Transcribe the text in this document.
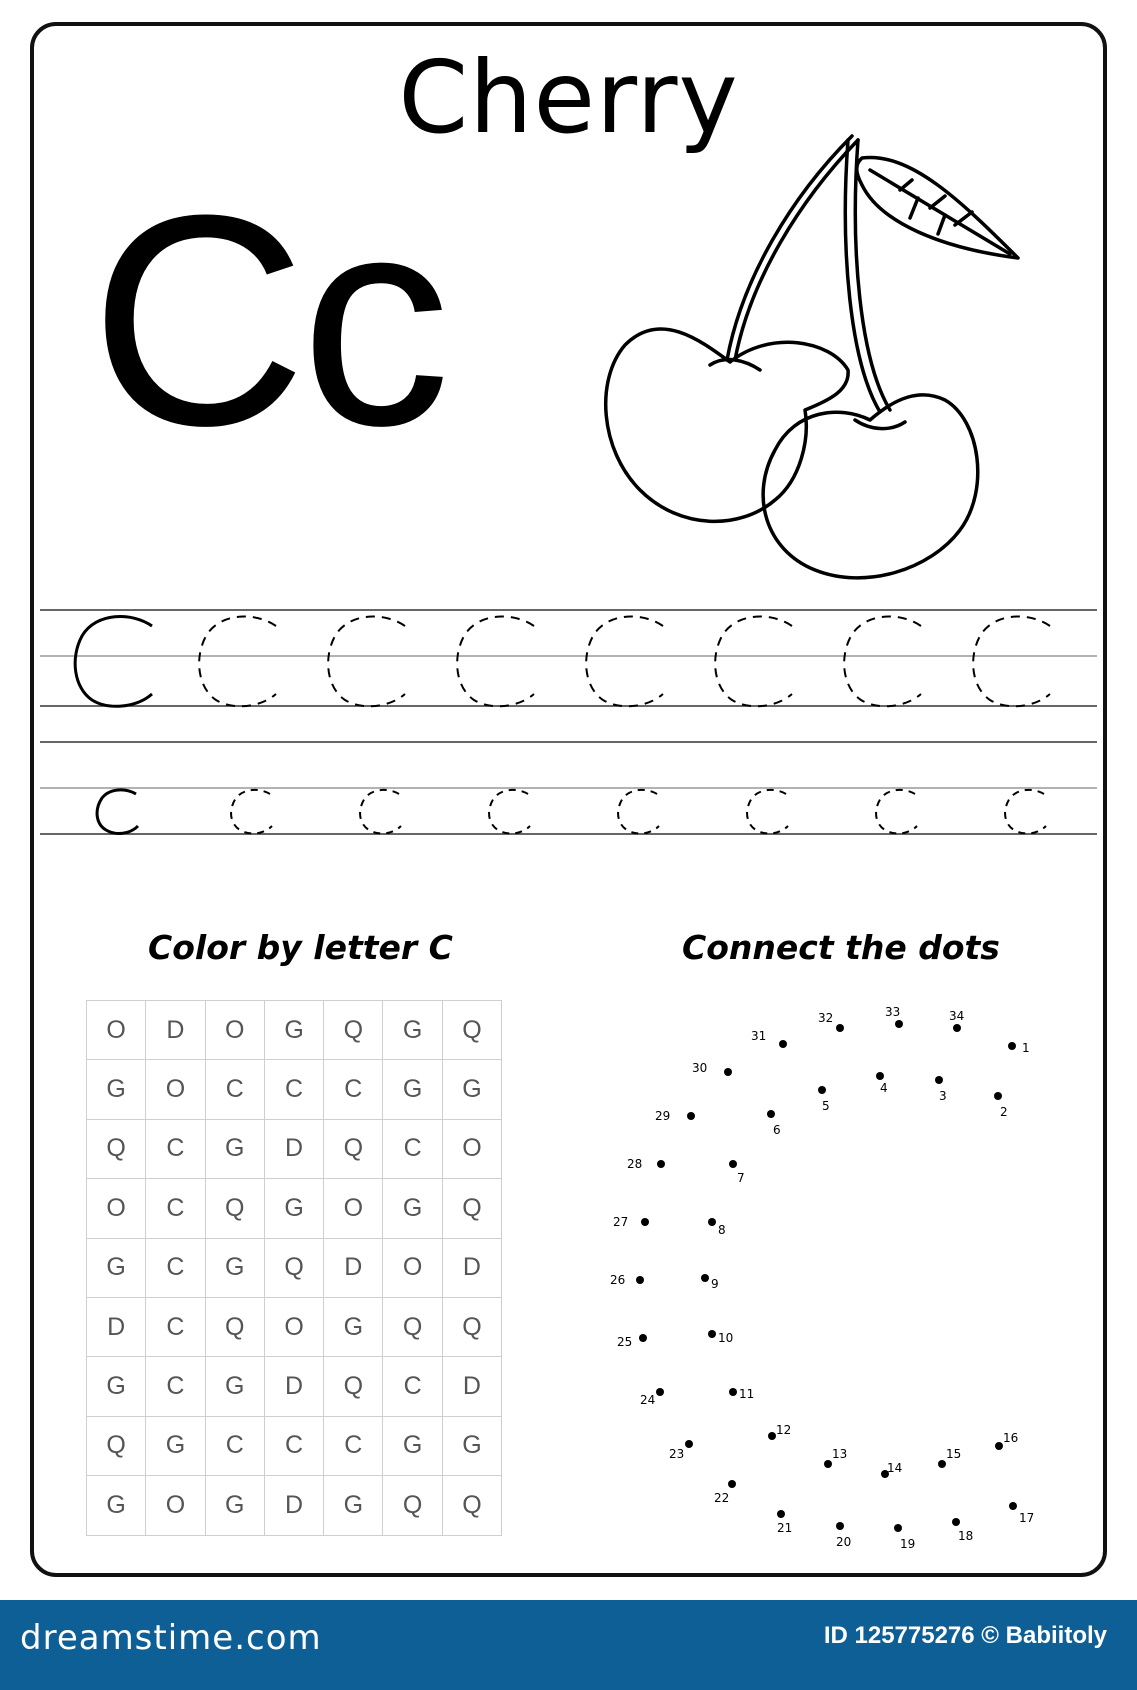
Cherry
Cc
Color by letter C	Connect the dots
O	D	O	G	Q	G	Q
G	O	C	C	C	G	G
Q	C	G	D	Q	C	O
O	C	Q	G	O	G	Q
G	C	G	Q	D	O	D
D	C	Q	O	G	Q	Q
G	C	G	D	Q	C	D
Q	G	C	C	C	G	G
G	O	G	D	G	Q	Q
1
2
3
4
5
6
7
8
9
10
11
12
13
14
15
16
17
18
19
20
21
22
23
24
25
26
27
28
29
30
31
32	33	34
dreamstime.com	ID 125775276 © Babiitoly
